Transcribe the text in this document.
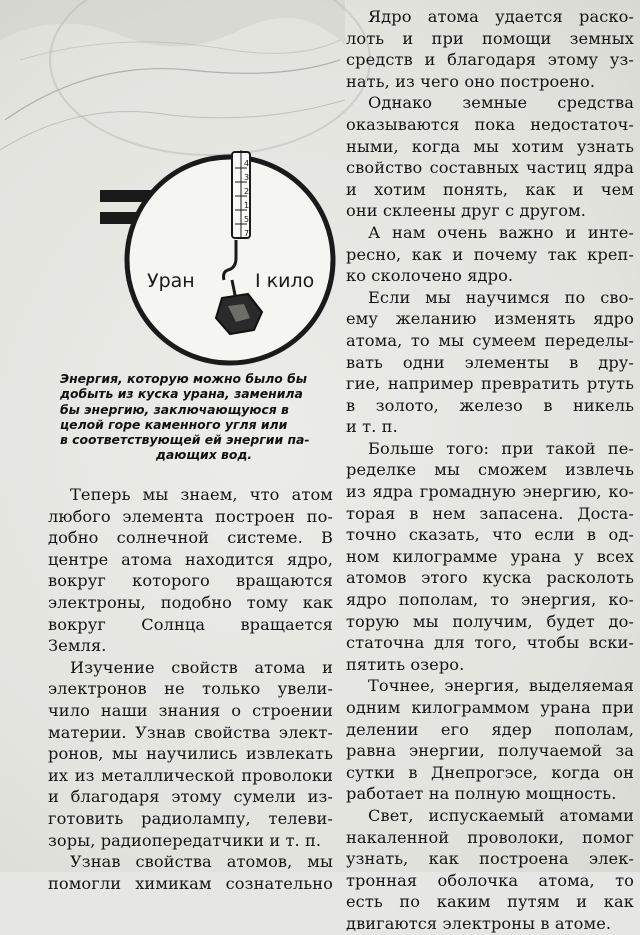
4
3
2
1
5
7
Уран	I кило
Энергия, которую можно было бы
добыть из куска урана, заменила
бы энергию, заключающуюся в
целой горе каменного угля или
в соответствующей ей энергии па-
дающих вод.
Теперь мы знаем, что атом
любого элемента построен по-
добно солнечной системе. В
центре атома находится ядро,
вокруг которого вращаются
электроны, подобно тому как
вокруг Солнца вращается
Земля.
Изучение свойств атома и
электронов не только увели-
чило наши знания о строении
материи. Узнав свойства элект-
ронов, мы научились извлекать
их из металлической проволоки
и благодаря этому сумели из-
готовить радиолампу, телеви-
зоры, радиопередатчики и т. п.
Узнав свойства атомов, мы
помогли химикам сознательно
Ядро атома удается раско-
лоть и при помощи земных
средств и благодаря этому уз-
нать, из чего оно построено.
Однако земные средства
оказываются пока недостаточ-
ными, когда мы хотим узнать
свойство составных частиц ядра
и хотим понять, как и чем
они склеены друг с другом.
А нам очень важно и инте-
ресно, как и почему так креп-
ко сколочено ядро.
Если мы научимся по сво-
ему желанию изменять ядро
атома, то мы сумеем переделы-
вать одни элементы в дру-
гие, например превратить ртуть
в золото, железо в никель
и т. п.
Больше того: при такой пе-
ределке мы сможем извлечь
из ядра громадную энергию, ко-
торая в нем запасена. Доста-
точно сказать, что если в од-
ном килограмме урана у всех
атомов этого куска расколоть
ядро пополам, то энергия, ко-
торую мы получим, будет до-
статочна для того, чтобы вски-
пятить озеро.
Точнее, энергия, выделяемая
одним килограммом урана при
делении его ядер пополам,
равна энергии, получаемой за
сутки в Днепрогэсе, когда он
работает на полную мощность.
Свет, испускаемый атомами
накаленной проволоки, помог
узнать, как построена элек-
тронная оболочка атома, то
есть по каким путям и как
двигаются электроны в атоме.
